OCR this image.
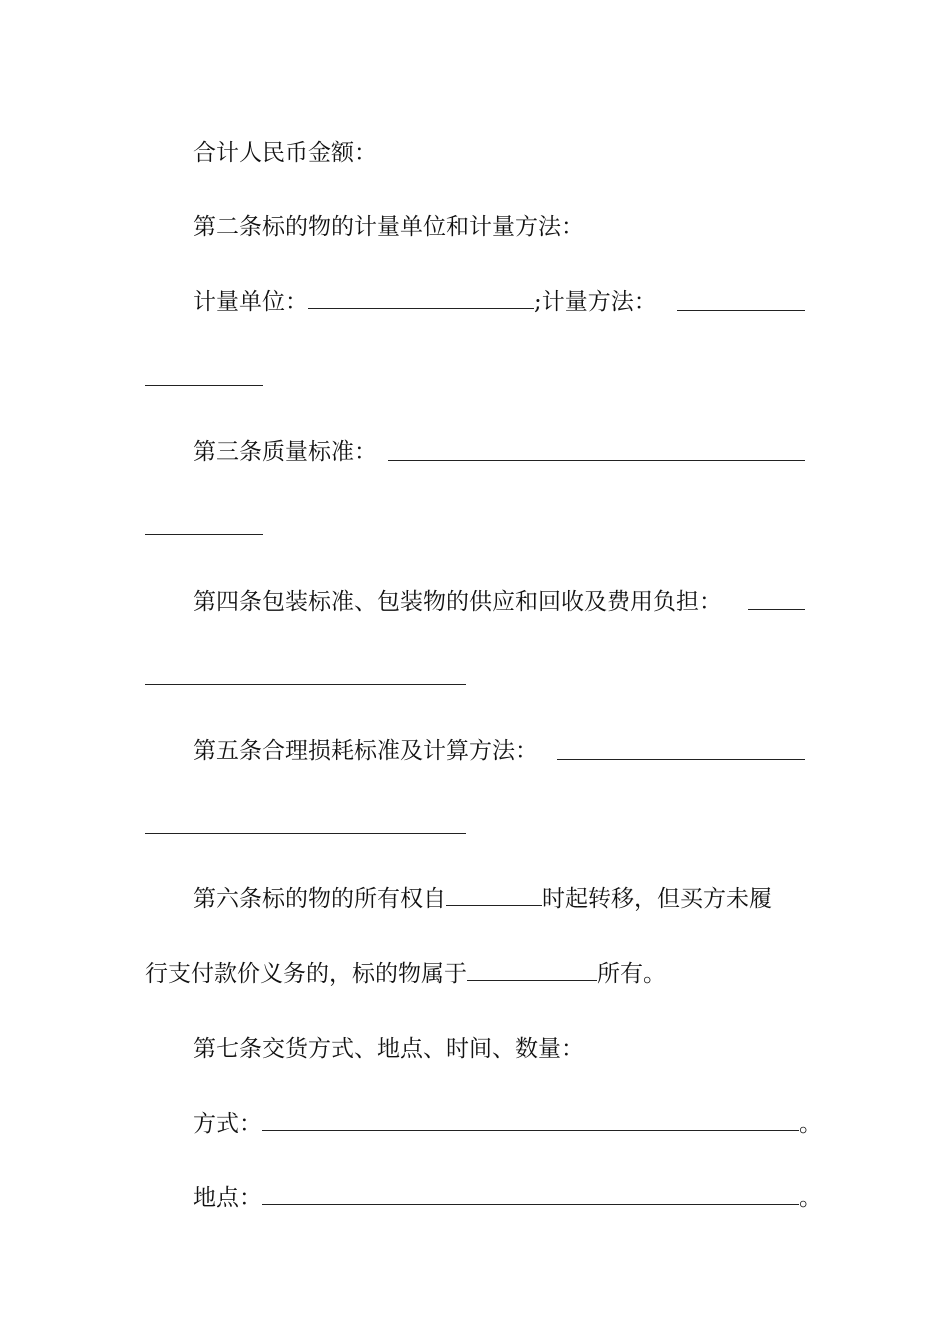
合计人民币金额：
第二条标的物的计量单位和计量方法：
计量单位：	;计量方法：
第三条质量标准：
第四条包装标准、包装物的供应和回收及费用负担：
第五条合理损耗标准及计算方法：
第六条标的物的所有权自	时起转移，但买方未履
行支付款价义务的，标的物属于	所有。
第七条交货方式、地点、时间、数量：
方式：	。
地点：	。
